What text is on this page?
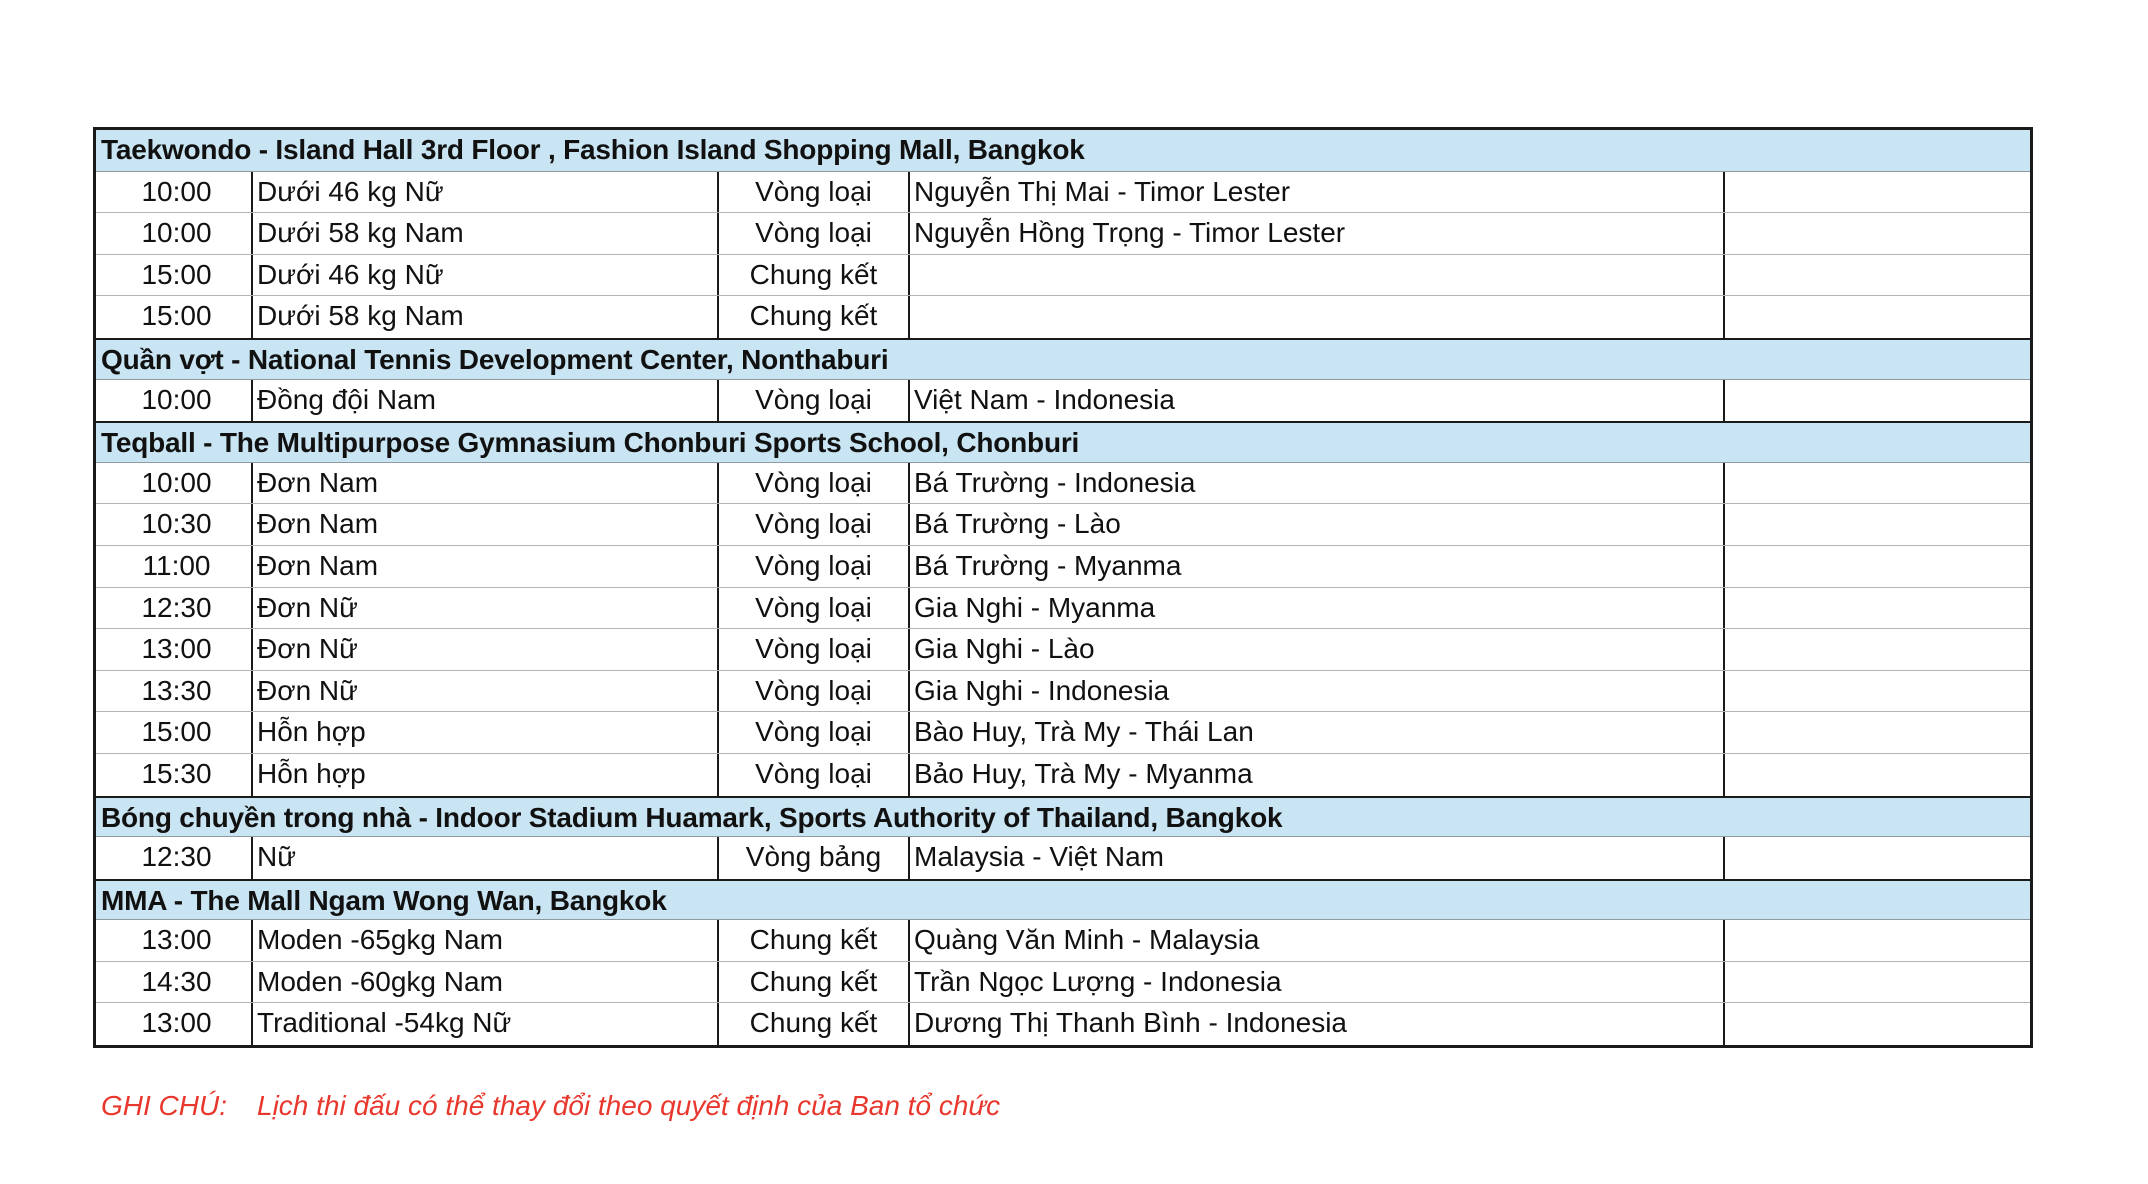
Taekwondo - Island Hall 3rd Floor , Fashion Island Shopping Mall, Bangkok
10:00	Dưới 46 kg Nữ	Vòng loại	Nguyễn Thị Mai - Timor Lester
10:00	Dưới 58 kg Nam	Vòng loại	Nguyễn Hồng Trọng - Timor Lester
15:00	Dưới 46 kg Nữ	Chung kết
15:00	Dưới 58 kg Nam	Chung kết
Quần vợt - National Tennis Development Center, Nonthaburi
10:00	Đồng đội Nam	Vòng loại	Việt Nam - Indonesia
Teqball - The Multipurpose Gymnasium Chonburi Sports School, Chonburi
10:00	Đơn Nam	Vòng loại	Bá Trường - Indonesia
10:30	Đơn Nam	Vòng loại	Bá Trường - Lào
11:00	Đơn Nam	Vòng loại	Bá Trường - Myanma
12:30	Đơn Nữ	Vòng loại	Gia Nghi - Myanma
13:00	Đơn Nữ	Vòng loại	Gia Nghi - Lào
13:30	Đơn Nữ	Vòng loại	Gia Nghi - Indonesia
15:00	Hỗn hợp	Vòng loại	Bào Huy, Trà My - Thái Lan
15:30	Hỗn hợp	Vòng loại	Bảo Huy, Trà My - Myanma
Bóng chuyền trong nhà - Indoor Stadium Huamark, Sports Authority of Thailand, Bangkok
12:30	Nữ	Vòng bảng	Malaysia - Việt Nam
MMA - The Mall Ngam Wong Wan, Bangkok
13:00	Moden -65gkg Nam	Chung kết	Quàng Văn Minh - Malaysia
14:30	Moden -60gkg Nam	Chung kết	Trần Ngọc Lượng - Indonesia
13:00	Traditional -54kg Nữ	Chung kết	Dương Thị Thanh Bình - Indonesia
GHI CHÚ: Lịch thi đấu có thể thay đổi theo quyết định của Ban tổ chức
